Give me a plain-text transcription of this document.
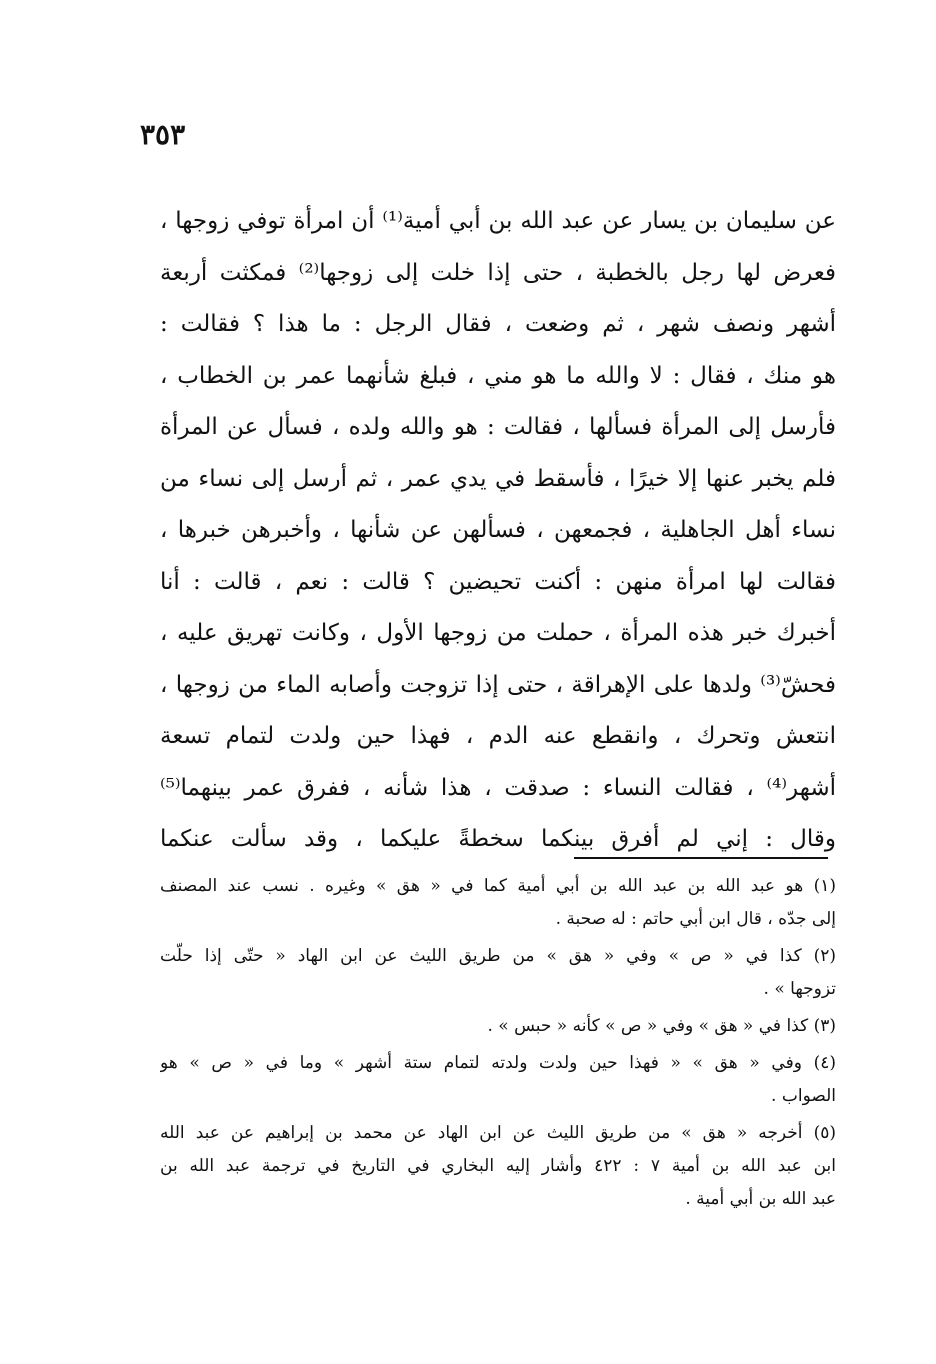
٣٥٣
عن سليمان بن يسار عن عبد الله بن أبي أمية⁽¹⁾ أن امرأة توفي زوجها ،
فعرض لها رجل بالخطبة ، حتى إذا خلت إلى زوجها⁽²⁾ فمكثت أربعة
أشهر ونصف شهر ، ثم وضعت ، فقال الرجل : ما هذا ؟ فقالت :
هو منك ، فقال : لا والله ما هو مني ، فبلغ شأنهما عمر بن الخطاب ،
فأرسل إلى المرأة فسألها ، فقالت : هو والله ولده ، فسأل عن المرأة
فلم يخبر عنها إلا خيرًا ، فأسقط في يدي عمر ، ثم أرسل إلى نساء من
نساء أهل الجاهلية ، فجمعهن ، فسألهن عن شأنها ، وأخبرهن خبرها ،
فقالت لها امرأة منهن : أكنت تحيضين ؟ قالت : نعم ، قالت : أنا
أخبرك خبر هذه المرأة ، حملت من زوجها الأول ، وكانت تهريق عليه ،
فحشّ⁽³⁾ ولدها على الإهراقة ، حتى إذا تزوجت وأصابه الماء من زوجها ،
انتعش وتحرك ، وانقطع عنه الدم ، فهذا حين ولدت لتمام تسعة
أشهر⁽⁴⁾ ، فقالت النساء : صدقت ، هذا شأنه ، ففرق عمر بينهما⁽⁵⁾
وقال : إني لم أفرق بينكما سخطةً عليكما ، وقد سألت عنكما
(١) هو عبد الله بن عبد الله بن أبي أمية كما في « هق » وغيره . نسب عند المصنف
إلى جدّه ، قال ابن أبي حاتم : له صحبة .
(٢) كذا في « ص » وفي « هق » من طريق الليث عن ابن الهاد « حتّى إذا حلّت
تزوجها » .
(٣) كذا في « هق » وفي « ص » كأنه « حبس » .
(٤) وفي « هق » « فهذا حين ولدت ولدته لتمام ستة أشهر » وما في « ص » هو
الصواب .
(٥) أخرجه « هق » من طريق الليث عن ابن الهاد عن محمد بن إبراهيم عن عبد الله
ابن عبد الله بن أمية ٧ : ٤٢٢ وأشار إليه البخاري في التاريخ في ترجمة عبد الله بن
عبد الله بن أبي أمية .
